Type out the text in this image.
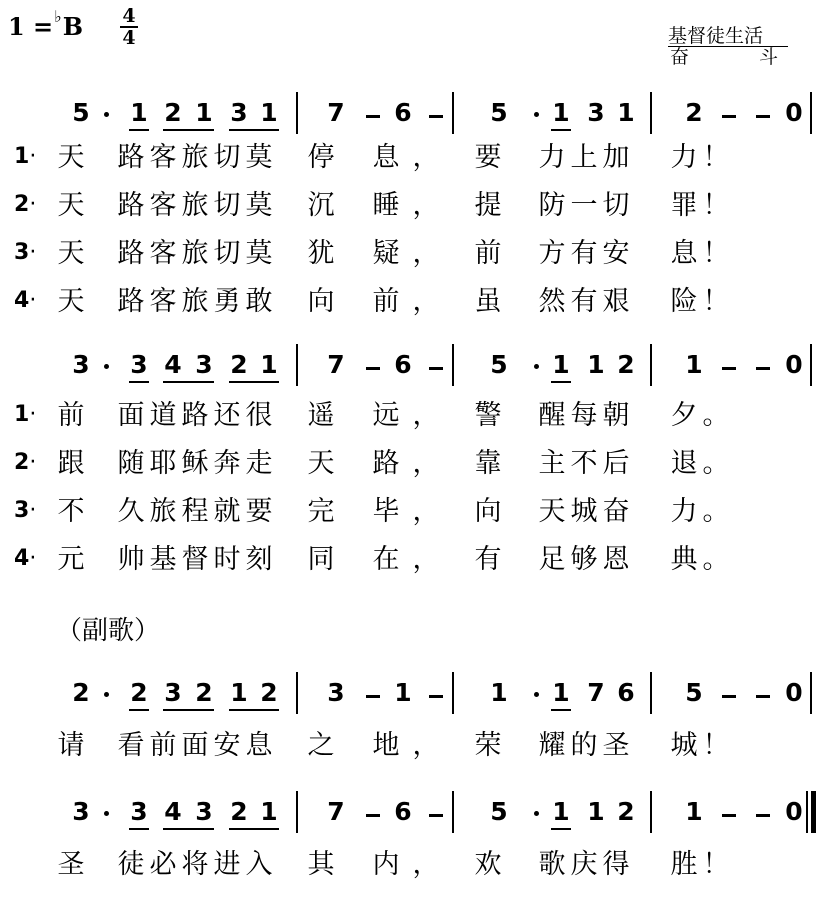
1 =♭B 4
4	基督徒生活
奋	斗
（副歌）
5 1 2 1 3 1 7 6	5 1 3 1 2	0
3 3 4 3 2 1 7 6	5 1 1 2 1	0
2 2 3 2 1 2 3 1	1 1 7 6 5	0
3 3 4 3 2 1 7 6	5 1 1 2 1	0
1· 天 路 客 旅 切 莫 停 息 ， 要 力 上 加 力 ！
2· 天 路 客 旅 切 莫 沉 睡 ， 提 防 一 切 罪 ！
3· 天 路 客 旅 切 莫 犹 疑 ， 前 方 有 安 息 ！
4· 天 路 客 旅 勇 敢 向 前 ， 虽 然 有 艰 险 ！
1· 前 面 道 路 还 很 遥 远 ， 警 醒 每 朝 夕 。
2· 跟 随 耶 稣 奔 走 天 路 ， 靠 主 不 后 退 。
3· 不 久 旅 程 就 要 完 毕 ， 向 天 城 奋 力 。
4· 元 帅 基 督 时 刻 同 在 ， 有 足 够 恩 典 。
请 看 前 面 安 息 之 地 ， 荣 耀 的 圣 城 ！
圣 徒 必 将 进 入 其 内 ， 欢 歌 庆 得 胜 ！
